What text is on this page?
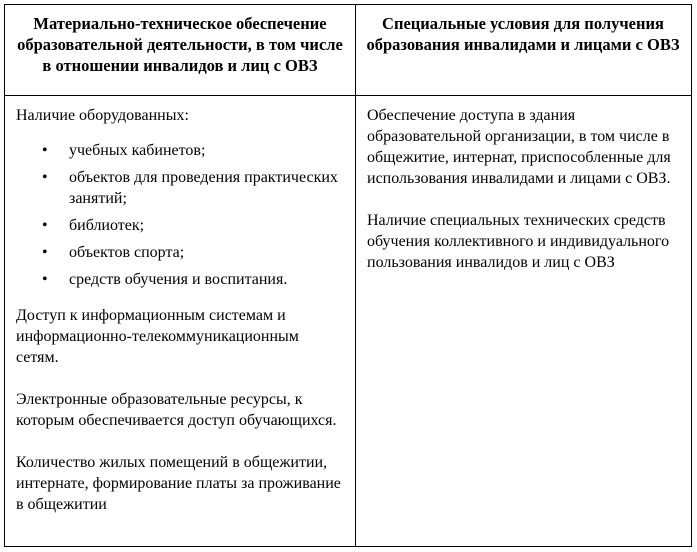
Материально-техническое обеспечение образовательной деятельности, в том числе в отношении инвалидов и лиц с ОВЗ
Специальные условия для получения образования инвалидами и лицами с ОВЗ

Наличие оборудованных:

• учебных кабинетов;
• объектов для проведения практических занятий;
• библиотек;
• объектов спорта;
• средств обучения и воспитания.

Доступ к информационным системам и информационно-телекоммуникационным сетям.

Электронные образовательные ресурсы, к которым обеспечивается доступ обучающихся.

Количество жилых помещений в общежитии, интернате, формирование платы за проживание в общежитии

Обеспечение доступа в здания образовательной организации, в том числе в общежитие, интернат, приспособленные для использования инвалидами и лицами с ОВЗ.

Наличие специальных технических средств обучения коллективного и индивидуального пользования инвалидов и лиц с ОВЗ
